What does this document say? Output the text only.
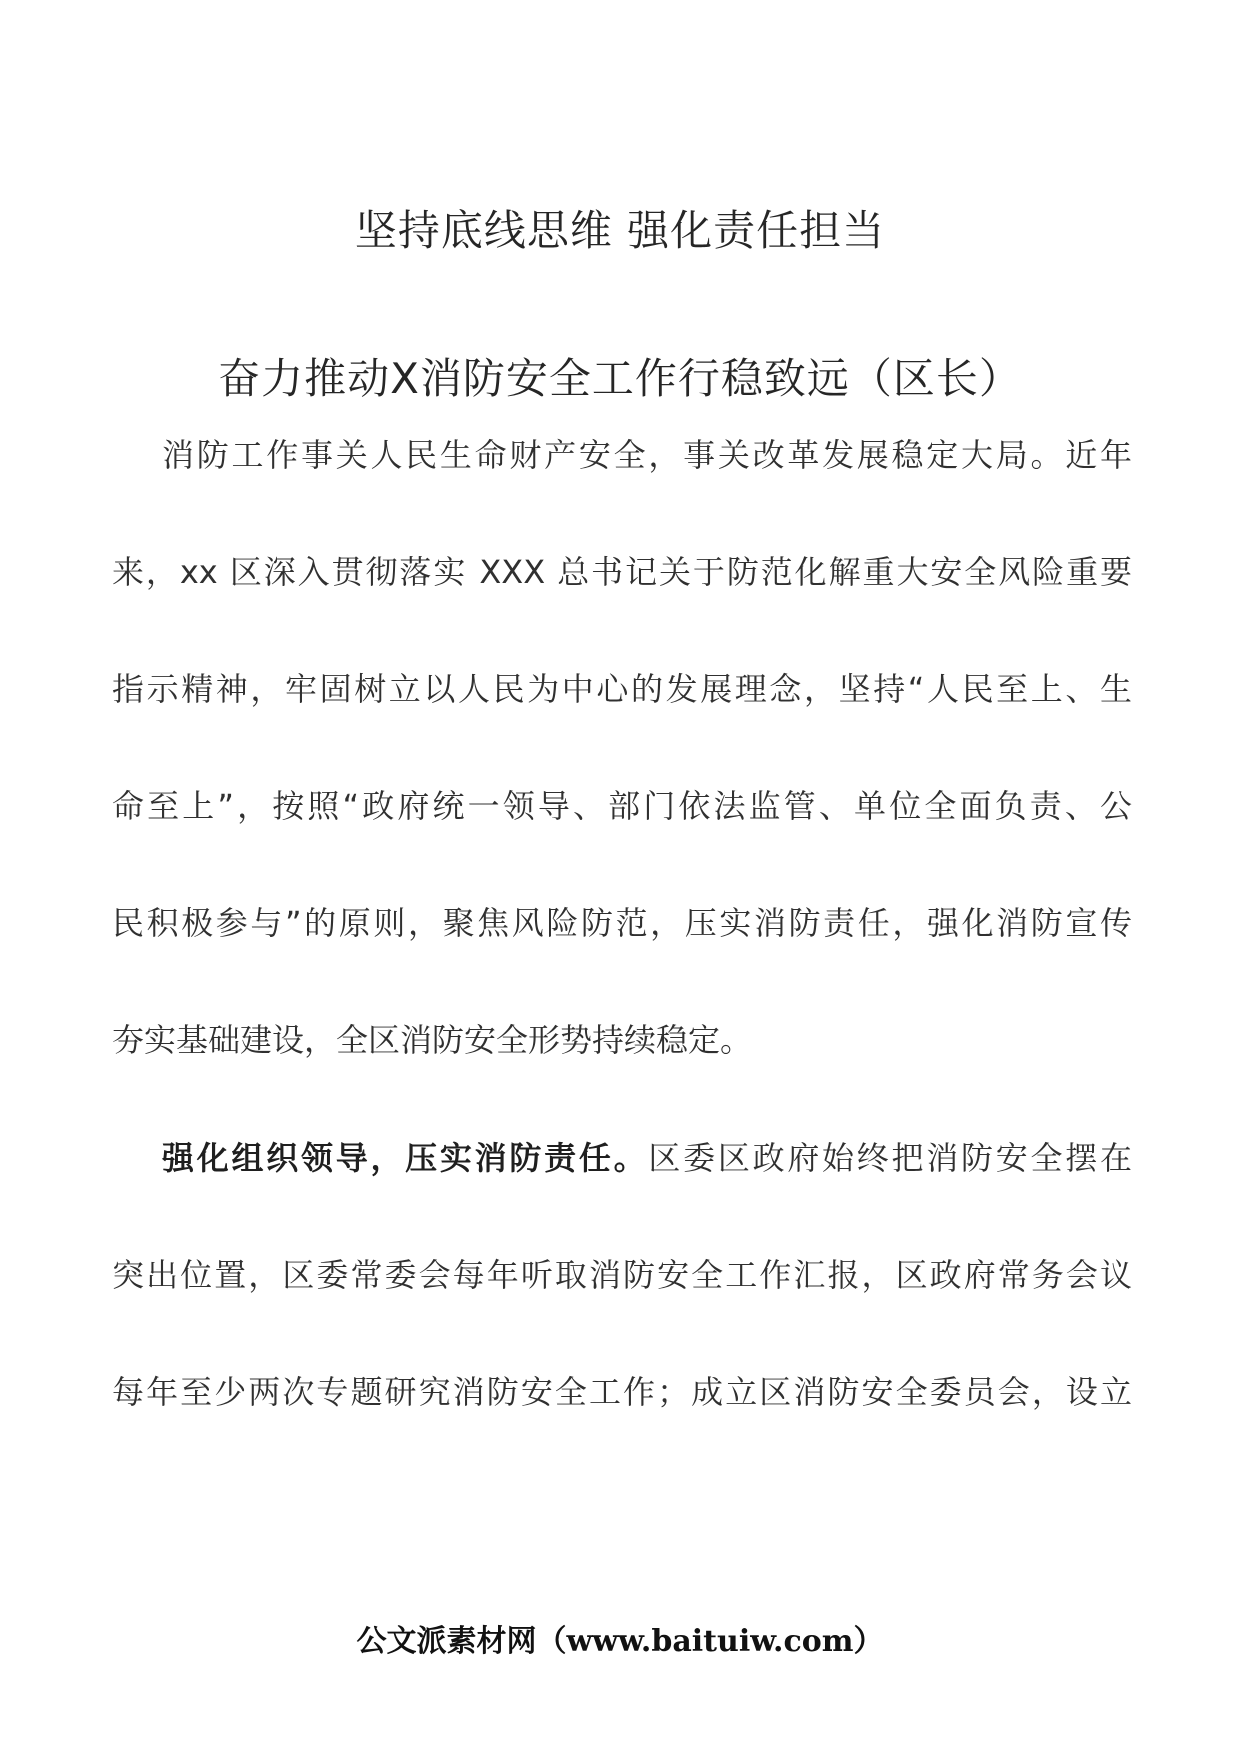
坚持底线思维 强化责任担当
奋力推动X消防安全工作行稳致远（区长）
消防工作事关人民生命财产安全，事关改革发展稳定大局。近年
来，xx 区深入贯彻落实 XXX 总书记关于防范化解重大安全风险重要
指示精神，牢固树立以人民为中心的发展理念，坚持“人民至上、生
命至上”，按照“政府统一领导、部门依法监管、单位全面负责、公
民积极参与”的原则，聚焦风险防范，压实消防责任，强化消防宣传
夯实基础建设，全区消防安全形势持续稳定。
强化组织领导，压实消防责任。区委区政府始终把消防安全摆在
突出位置，区委常委会每年听取消防安全工作汇报，区政府常务会议
每年至少两次专题研究消防安全工作；成立区消防安全委员会，设立
公文派素材网（www.baituiw.com）
